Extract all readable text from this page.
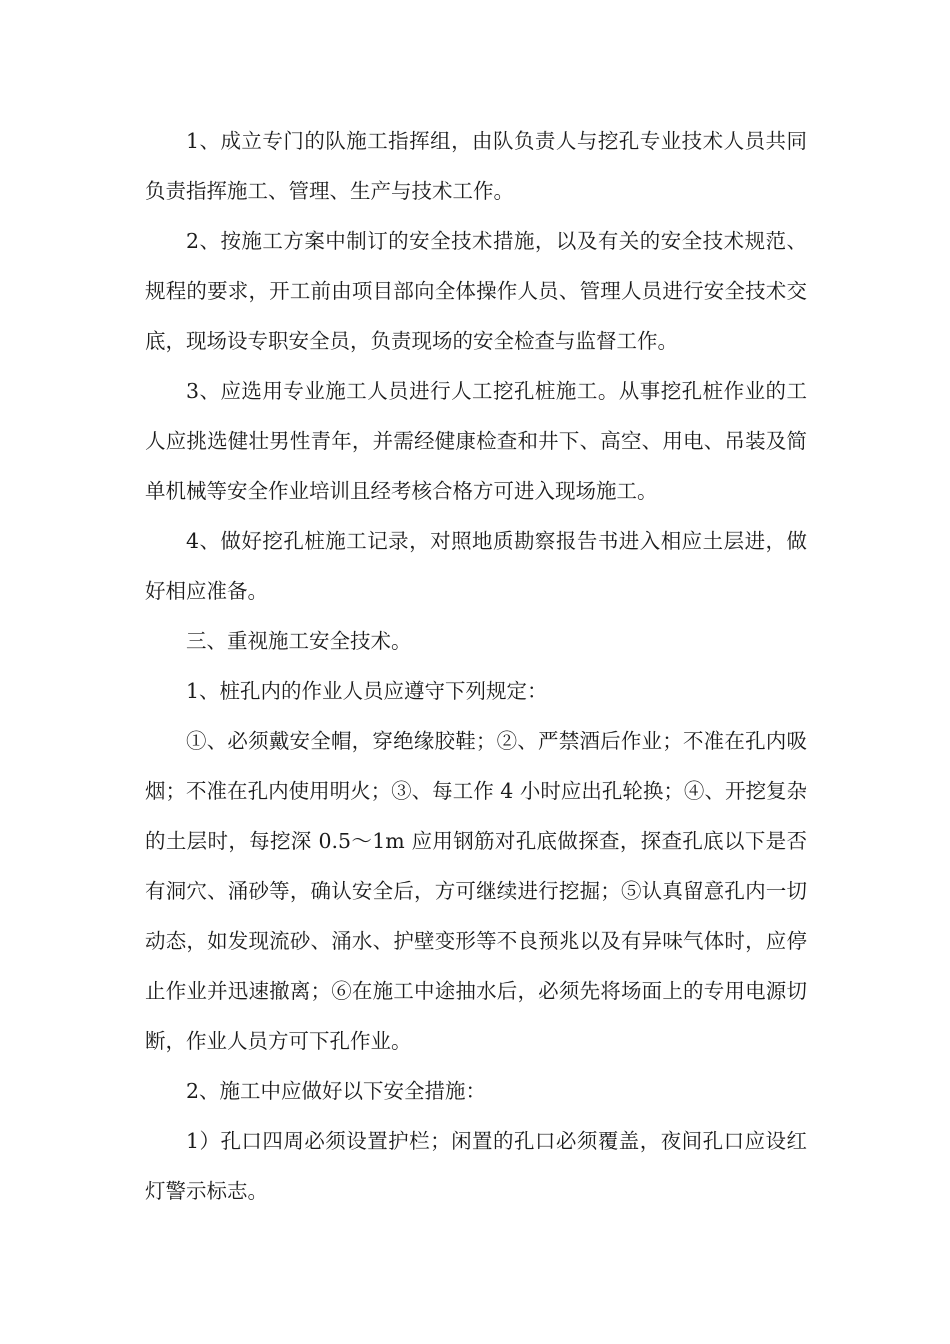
1、成立专门的队施工指挥组，由队负责人与挖孔专业技术人员共同负责指挥施工、管理、生产与技术工作。

2、按施工方案中制订的安全技术措施，以及有关的安全技术规范、规程的要求，开工前由项目部向全体操作人员、管理人员进行安全技术交底，现场设专职安全员，负责现场的安全检查与监督工作。

3、应选用专业施工人员进行人工挖孔桩施工。从事挖孔桩作业的工人应挑选健壮男性青年，并需经健康检查和井下、高空、用电、吊装及简单机械等安全作业培训且经考核合格方可进入现场施工。

4、做好挖孔桩施工记录，对照地质勘察报告书进入相应土层进，做好相应准备。

三、重视施工安全技术。

1、桩孔内的作业人员应遵守下列规定：

①、必须戴安全帽，穿绝缘胶鞋；②、严禁酒后作业；不准在孔内吸烟；不准在孔内使用明火；③、每工作 4 小时应出孔轮换；④、开挖复杂的土层时，每挖深 0.5～1m 应用钢筋对孔底做探查，探查孔底以下是否有洞穴、涌砂等，确认安全后，方可继续进行挖掘；⑤认真留意孔内一切动态，如发现流砂、涌水、护壁变形等不良预兆以及有异味气体时，应停止作业并迅速撤离；⑥在施工中途抽水后，必须先将场面上的专用电源切断，作业人员方可下孔作业。

2、施工中应做好以下安全措施：

1）孔口四周必须设置护栏；闲置的孔口必须覆盖，夜间孔口应设红灯警示标志。
